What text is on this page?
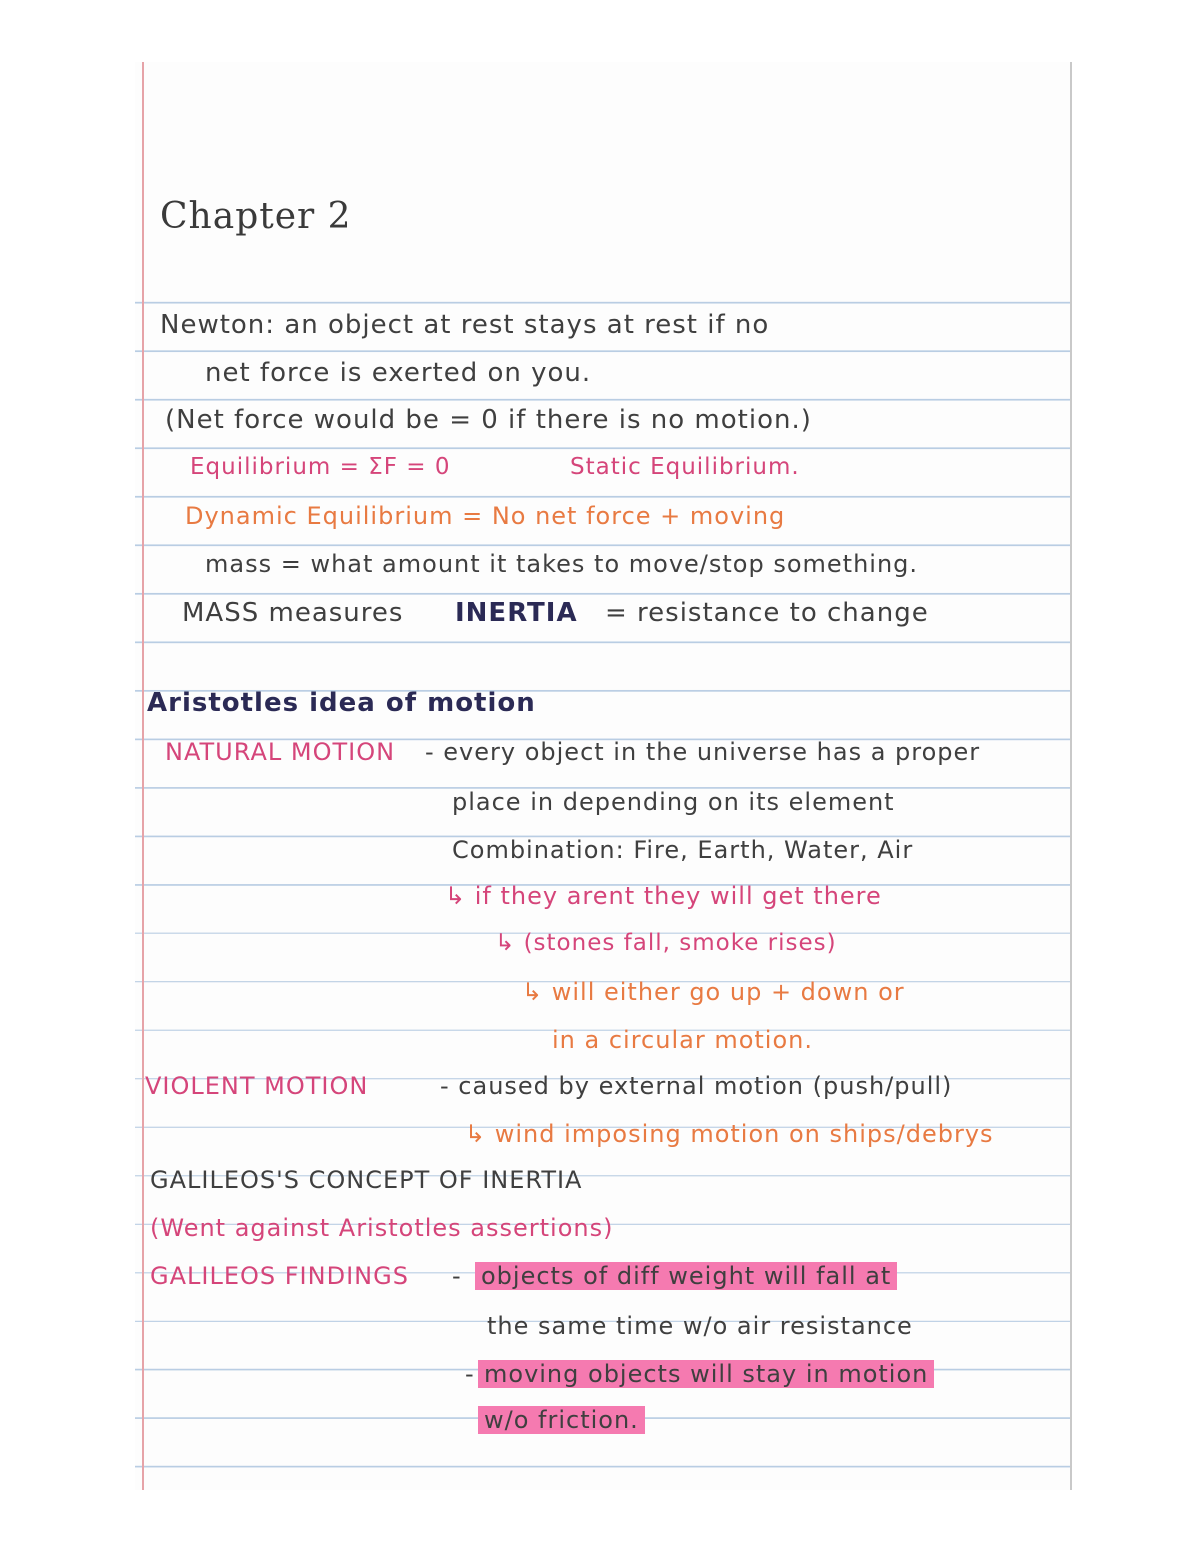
Chapter 2
Newton: an object at rest stays at rest if no
net force is exerted on you.
(Net force would be = 0 if there is no motion.)
Equilibrium = ΣF = 0	Static Equilibrium.
Dynamic Equilibrium = No net force + moving
mass = what amount it takes to move/stop something.
MASS measures INERTIA = resistance to change
Aristotles idea of motion
NATURAL MOTION - every object in the universe has a proper
place in depending on its element
Combination: Fire, Earth, Water, Air
↳ if they arent they will get there
↳ (stones fall, smoke rises)
↳ will either go up + down or
in a circular motion.
VIOLENT MOTION	- caused by external motion (push/pull)
↳ wind imposing motion on ships/debrys
GALILEOS'S CONCEPT OF INERTIA
(Went against Aristotles assertions)
GALILEOS FINDINGS - objects of diff weight will fall at
the same time w/o air resistance
- moving objects will stay in motion
w/o friction.
